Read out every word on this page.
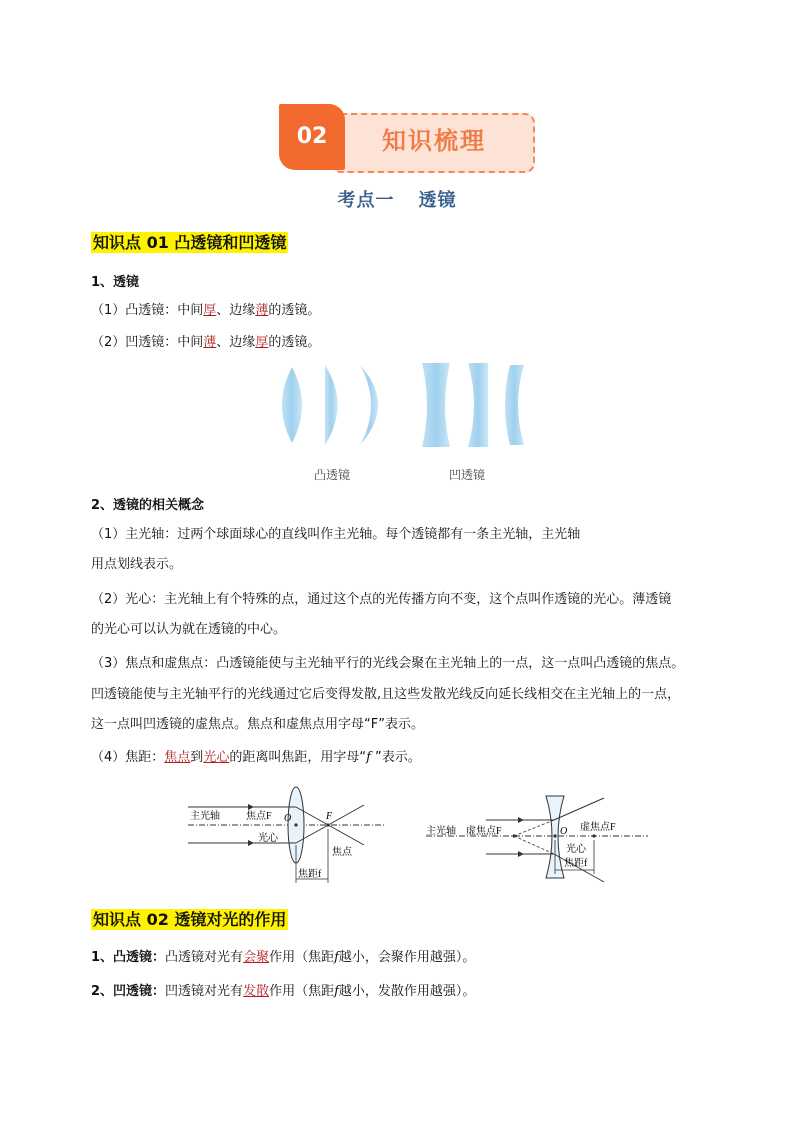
知识梳理
02
考点一 透镜
知识点 01 凸透镜和凹透镜
1、透镜
（1）凸透镜：中间厚、边缘薄的透镜。
（2）凹透镜：中间薄、边缘厚的透镜。
凸透镜	凹透镜
2、透镜的相关概念
（1）主光轴：过两个球面球心的直线叫作主光轴。每个透镜都有一条主光轴，主光轴
用点划线表示。
（2）光心：主光轴上有个特殊的点，通过这个点的光传播方向不变，这个点叫作透镜的光心。薄透镜
的光心可以认为就在透镜的中心。
（3）焦点和虚焦点：凸透镜能使与主光轴平行的光线会聚在主光轴上的一点，这一点叫凸透镜的焦点。
凹透镜能使与主光轴平行的光线通过它后变得发散,且这些发散光线反向延长线相交在主光轴上的一点，
这一点叫凹透镜的虚焦点。焦点和虚焦点用字母“F”表示。
（4）焦距：焦点到光心的距离叫焦距，用字母“f ”表示。
主光轴	焦点F O	F
光心
焦点
焦距f
主光轴 虚焦点F	O 虚焦点F
光心
焦距f
知识点 02 透镜对光的作用
1、凸透镜：凸透镜对光有会聚作用（焦距f越小，会聚作用越强）。
2、凹透镜：凹透镜对光有发散作用（焦距f越小，发散作用越强）。
